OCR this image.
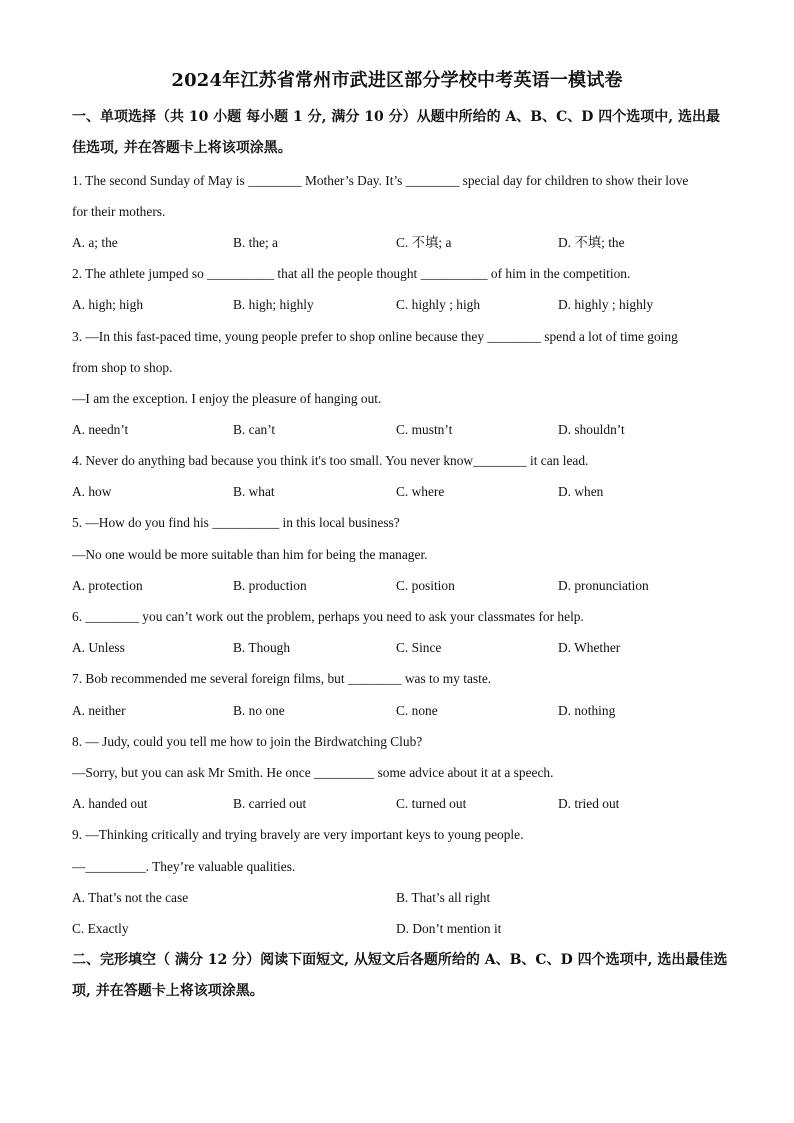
2024年江苏省常州市武进区部分学校中考英语一模试卷
一、单项选择（共 10 小题 每小题 1 分, 满分 10 分）从题中所给的 A、B、C、D 四个选项中, 选出最佳选项, 并在答题卡上将该项涂黑。
1. The second Sunday of May is ________ Mother’s Day. It’s ________ special day for children to show their love
for their mothers.
A. a; the	B. the; a	C. 不填; a	D. 不填; the
2. The athlete jumped so __________ that all the people thought __________ of him in the competition.
A. high; high	B. high; highly	C. highly ; high	D. highly ; highly
3. —In this fast-paced time, young people prefer to shop online because they ________ spend a lot of time going
from shop to shop.
—I am the exception. I enjoy the pleasure of hanging out.
A. needn’t	B. can’t	C. mustn’t	D. shouldn’t
4. Never do anything bad because you think it's too small. You never know________ it can lead.
A. how	B. what	C. where	D. when
5. —How do you find his __________ in this local business?
—No one would be more suitable than him for being the manager.
A. protection	B. production	C. position	D. pronunciation
6. ________ you can’t work out the problem, perhaps you need to ask your classmates for help.
A. Unless	B. Though	C. Since	D. Whether
7. Bob recommended me several foreign films, but ________ was to my taste.
A. neither	B. no one	C. none	D. nothing
8. — Judy, could you tell me how to join the Birdwatching Club?
—Sorry, but you can ask Mr Smith. He once _________ some advice about it at a speech.
A. handed out	B. carried out	C. turned out	D. tried out
9. —Thinking critically and trying bravely are very important keys to young people.
—_________. They’re valuable qualities.
A. That’s not the case	B. That’s all right
C. Exactly	D. Don’t mention it
二、完形填空（ 满分 12 分）阅读下面短文, 从短文后各题所给的 A、B、C、D 四个选项中, 选出最佳选项, 并在答题卡上将该项涂黑。
